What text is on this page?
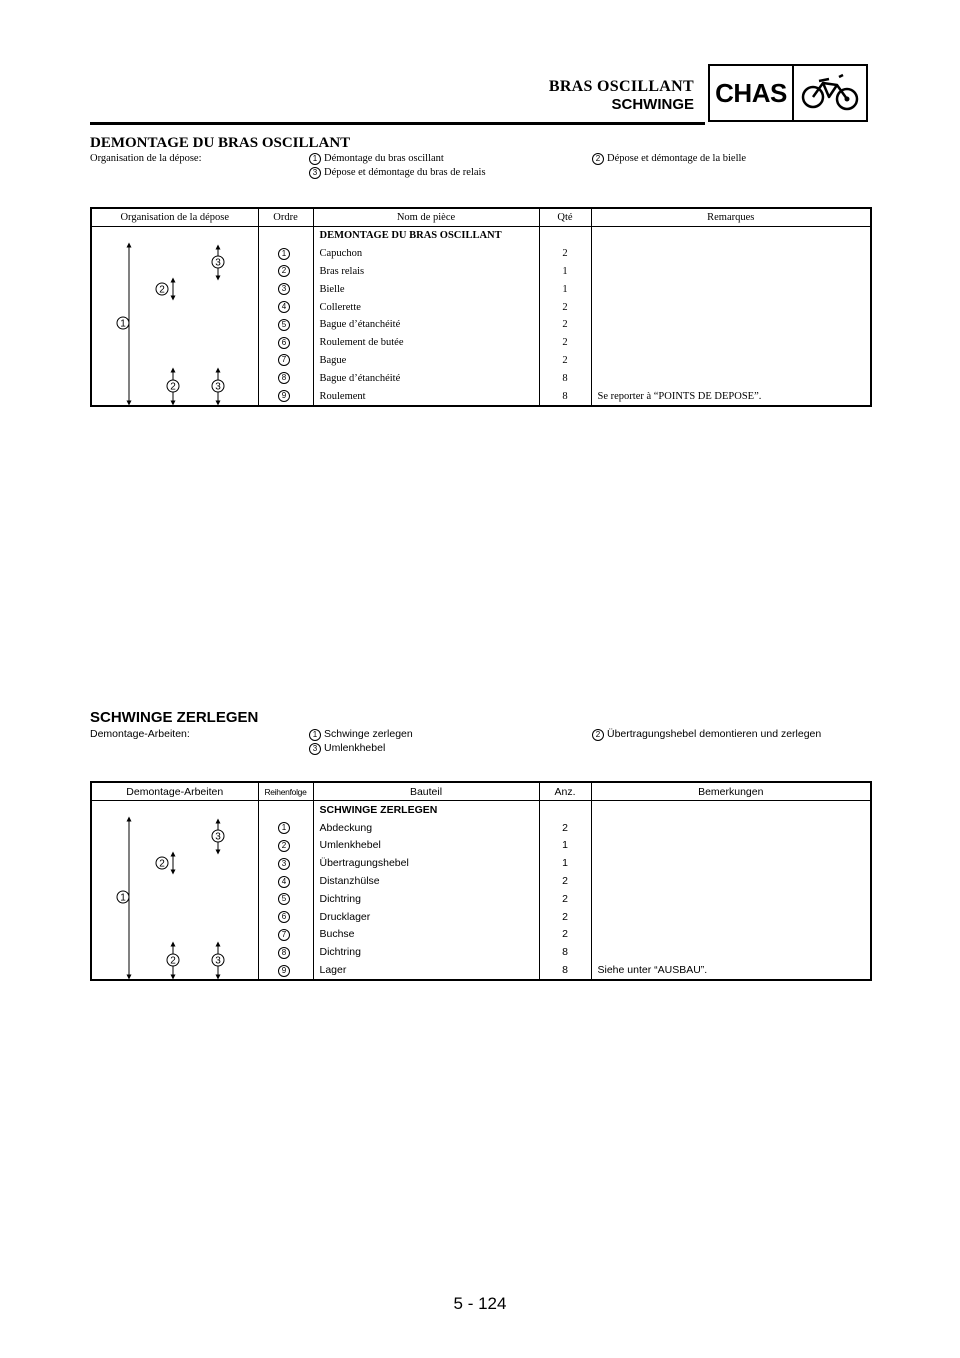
BRAS OSCILLANT
SCHWINGE CHAS
DEMONTAGE DU BRAS OSCILLANT
Organisation de la dépose:	1 Démontage du bras oscillant	2 Dépose et démontage de la bielle
3 Dépose et démontage du bras de relais
Organisation de la dépose	Ordre	Nom de pièce	Qté	Remarques

1
3
2
2 3		DEMONTAGE DU BRAS OSCILLANT		
	1	Capuchon	2	
	2	Bras relais	1	
	3	Bielle	1	
	4	Collerette	2	
	5	Bague d’étanchéité	2	
	6	Roulement de butée	2	
	7	Bague	2	
	8	Bague d’étanchéité	8	
	9	Roulement	8	Se reporter à “POINTS DE DEPOSE”.
SCHWINGE ZERLEGEN
Demontage-Arbeiten:	1 Schwinge zerlegen	2 Übertragungshebel demontieren und zerlegen
3 Umlenkhebel
Demontage-Arbeiten	Reihenfolge	Bauteil	Anz.	Bemerkungen

1
3
2
2 3		SCHWINGE ZERLEGEN		
	1	Abdeckung	2	
	2	Umlenkhebel	1	
	3	Übertragungshebel	1	
	4	Distanzhülse	2	
	5	Dichtring	2	
	6	Drucklager	2	
	7	Buchse	2	
	8	Dichtring	8	
	9	Lager	8	Siehe unter “AUSBAU”.
5 - 124
